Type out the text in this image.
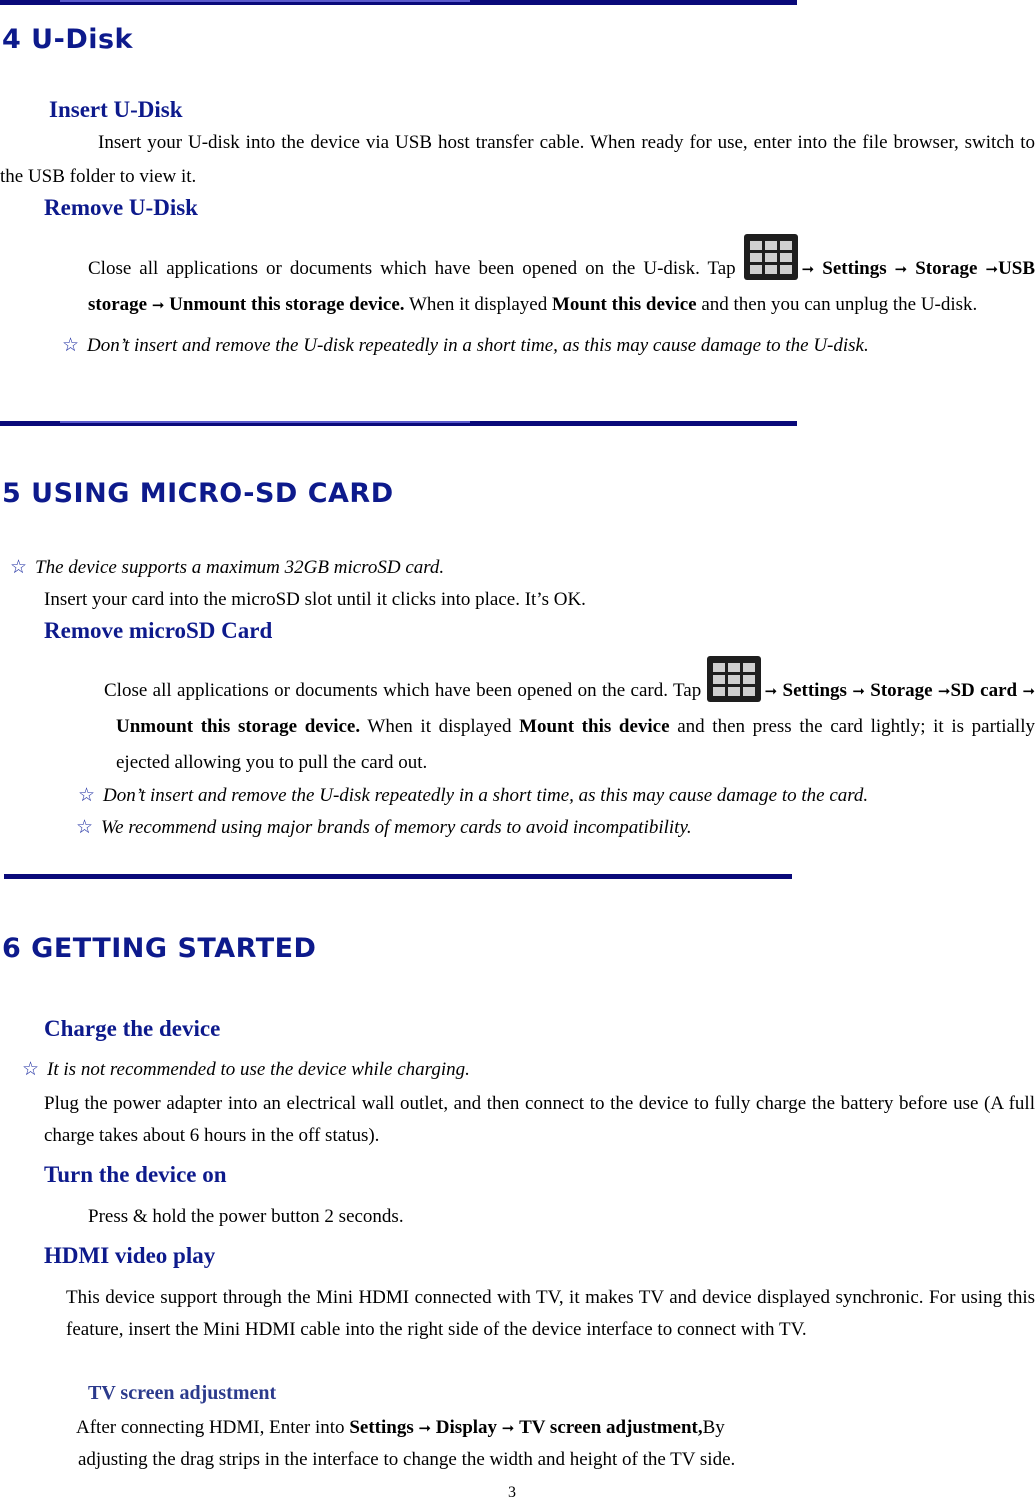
4 U-Disk
Insert U-Disk

Insert your U-disk into the device via USB host transfer cable. When ready for use, enter into the file browser, switch to the USB folder to view it.

Remove U-Disk

Close all applications or documents which have been opened on the U-disk. Tap	➞ Settings ➞ Storage ➞USB storage ➞ Unmount this storage device. When it displayed Mount this device and then you can unplug the U-disk.

☆ Don’t insert and remove the U-disk repeatedly in a short time, as this may cause damage to the U-disk.

5 USING MICRO-SD CARD

☆ The device supports a maximum 32GB microSD card.

Insert your card into the microSD slot until it clicks into place. It’s OK.

Remove microSD Card

Close all applications or documents which have been opened on the card. Tap	➞ Settings ➞ Storage ➞SD card ➞ Unmount this storage device. When it displayed Mount this device and then press the card lightly; it is partially ejected allowing you to pull the card out.

☆ Don’t insert and remove the U-disk repeatedly in a short time, as this may cause damage to the card.

☆ We recommend using major brands of memory cards to avoid incompatibility.

6 GETTING STARTED
Charge the device

☆ It is not recommended to use the device while charging.

Plug the power adapter into an electrical wall outlet, and then connect to the device to fully charge the battery before use (A full charge takes about 6 hours in the off status).

Turn the device on

Press & hold the power button 2 seconds.

HDMI video play

This device support through the Mini HDMI connected with TV, it makes TV and device displayed synchronic. For using this feature, insert the Mini HDMI cable into the right side of the device interface to connect with TV.

TV screen adjustment

After connecting HDMI, Enter into Settings ➞ Display ➞ TV screen adjustment,By

adjusting the drag strips in the interface to change the width and height of the TV side.

3
